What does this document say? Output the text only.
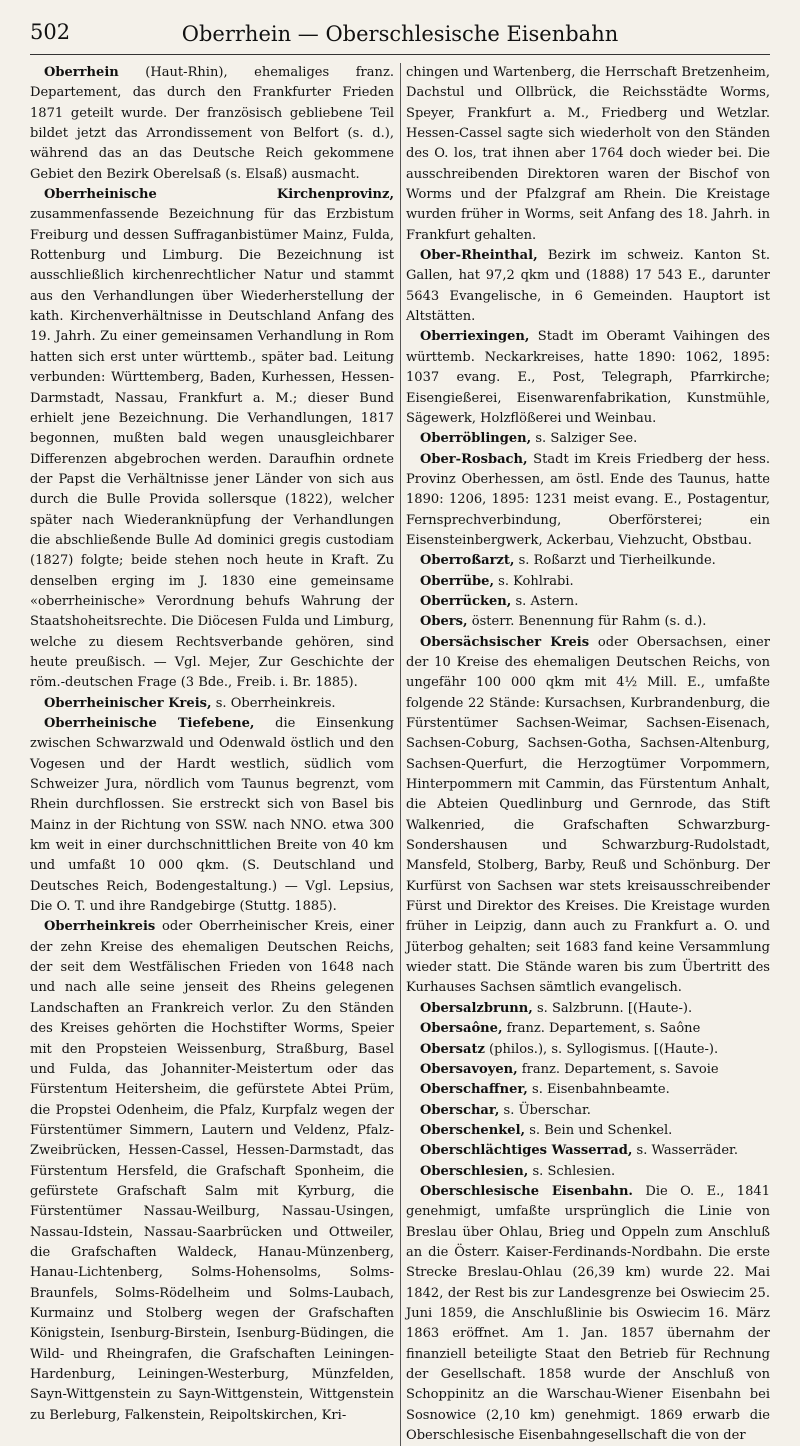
502	Oberrhein — Oberschlesische Eisenbahn

Oberrhein (Haut-Rhin), ehemaliges franz. Departement, das durch den Frankfurter Frieden 1871 geteilt wurde. Der französisch gebliebene Teil bildet jetzt das Arrondissement von Belfort (s. d.), während das an das Deutsche Reich gekommene Gebiet den Bezirk Oberelsaß (s. Elsaß) ausmacht.

Oberrheinische Kirchenprovinz, zusammenfassende Bezeichnung für das Erzbistum Freiburg und dessen Suffraganbistümer Mainz, Fulda, Rottenburg und Limburg. Die Bezeichnung ist ausschließlich kirchenrechtlicher Natur und stammt aus den Verhandlungen über Wiederherstellung der kath. Kirchenverhältnisse in Deutschland Anfang des 19. Jahrh. Zu einer gemeinsamen Verhandlung in Rom hatten sich erst unter württemb., später bad. Leitung verbunden: Württemberg, Baden, Kurhessen, Hessen-Darmstadt, Nassau, Frankfurt a. M.; dieser Bund erhielt jene Bezeichnung. Die Verhandlungen, 1817 begonnen, mußten bald wegen unausgleichbarer Differenzen abgebrochen werden. Daraufhin ordnete der Papst die Verhältnisse jener Länder von sich aus durch die Bulle Provida sollersque (1822), welcher später nach Wiederanknüpfung der Verhandlungen die abschließende Bulle Ad dominici gregis custodiam (1827) folgte; beide stehen noch heute in Kraft. Zu denselben erging im J. 1830 eine gemeinsame «oberrheinische» Verordnung behufs Wahrung der Staatshoheitsrechte. Die Diöcesen Fulda und Limburg, welche zu diesem Rechtsverbande gehören, sind heute preußisch. — Vgl. Mejer, Zur Geschichte der röm.-deutschen Frage (3 Bde., Freib. i. Br. 1885).

Oberrheinischer Kreis, s. Oberrheinkreis.

Oberrheinische Tiefebene, die Einsenkung zwischen Schwarzwald und Odenwald östlich und den Vogesen und der Hardt westlich, südlich vom Schweizer Jura, nördlich vom Taunus begrenzt, vom Rhein durchflossen. Sie erstreckt sich von Basel bis Mainz in der Richtung von SSW. nach NNO. etwa 300 km weit in einer durchschnittlichen Breite von 40 km und umfaßt 10 000 qkm. (S. Deutschland und Deutsches Reich, Bodengestaltung.) — Vgl. Lepsius, Die O. T. und ihre Randgebirge (Stuttg. 1885).

Oberrheinkreis oder Oberrheinischer Kreis, einer der zehn Kreise des ehemaligen Deutschen Reichs, der seit dem Westfälischen Frieden von 1648 nach und nach alle seine jenseit des Rheins gelegenen Landschaften an Frankreich verlor. Zu den Ständen des Kreises gehörten die Hochstifter Worms, Speier mit den Propsteien Weissenburg, Straßburg, Basel und Fulda, das Johanniter-Meistertum oder das Fürstentum Heitersheim, die gefürstete Abtei Prüm, die Propstei Odenheim, die Pfalz, Kurpfalz wegen der Fürstentümer Simmern, Lautern und Veldenz, Pfalz-Zweibrücken, Hessen-Cassel, Hessen-Darmstadt, das Fürstentum Hersfeld, die Grafschaft Sponheim, die gefürstete Grafschaft Salm mit Kyrburg, die Fürstentümer Nassau-Weilburg, Nassau-Usingen, Nassau-Idstein, Nassau-Saarbrücken und Ottweiler, die Grafschaften Waldeck, Hanau-Münzenberg, Hanau-Lichtenberg, Solms-Hohensolms, Solms-Braunfels, Solms-Rödelheim und Solms-Laubach, Kurmainz und Stolberg wegen der Grafschaften Königstein, Isenburg-Birstein, Isenburg-Büdingen, die Wild- und Rheingrafen, die Grafschaften Leiningen-Hardenburg, Leiningen-Westerburg, Münzfelden, Sayn-Wittgenstein zu Sayn-Wittgenstein, Wittgenstein zu Berleburg, Falkenstein, Reipoltskirchen, Kri-

chingen und Wartenberg, die Herrschaft Bretzenheim, Dachstul und Ollbrück, die Reichsstädte Worms, Speyer, Frankfurt a. M., Friedberg und Wetzlar. Hessen-Cassel sagte sich wiederholt von den Ständen des O. los, trat ihnen aber 1764 doch wieder bei. Die ausschreibenden Direktoren waren der Bischof von Worms und der Pfalzgraf am Rhein. Die Kreistage wurden früher in Worms, seit Anfang des 18. Jahrh. in Frankfurt gehalten.

Ober-Rheinthal, Bezirk im schweiz. Kanton St. Gallen, hat 97,2 qkm und (1888) 17 543 E., darunter 5643 Evangelische, in 6 Gemeinden. Hauptort ist Altstätten.

Oberriexingen, Stadt im Oberamt Vaihingen des württemb. Neckarkreises, hatte 1890: 1062, 1895: 1037 evang. E., Post, Telegraph, Pfarrkirche; Eisengießerei, Eisenwarenfabrikation, Kunstmühle, Sägewerk, Holzflößerei und Weinbau.

Oberröblingen, s. Salziger See.

Ober-Rosbach, Stadt im Kreis Friedberg der hess. Provinz Oberhessen, am östl. Ende des Taunus, hatte 1890: 1206, 1895: 1231 meist evang. E., Postagentur, Fernsprechverbindung, Oberförsterei; ein Eisensteinbergwerk, Ackerbau, Viehzucht, Obstbau.

Oberroßarzt, s. Roßarzt und Tierheilkunde.

Oberrübe, s. Kohlrabi.

Oberrücken, s. Astern.

Obers, österr. Benennung für Rahm (s. d.).

Obersächsischer Kreis oder Obersachsen, einer der 10 Kreise des ehemaligen Deutschen Reichs, von ungefähr 100 000 qkm mit 4½ Mill. E., umfaßte folgende 22 Stände: Kursachsen, Kurbrandenburg, die Fürstentümer Sachsen-Weimar, Sachsen-Eisenach, Sachsen-Coburg, Sachsen-Gotha, Sachsen-Altenburg, Sachsen-Querfurt, die Herzogtümer Vorpommern, Hinterpommern mit Cammin, das Fürstentum Anhalt, die Abteien Quedlinburg und Gernrode, das Stift Walkenried, die Grafschaften Schwarzburg-Sondershausen und Schwarzburg-Rudolstadt, Mansfeld, Stolberg, Barby, Reuß und Schönburg. Der Kurfürst von Sachsen war stets kreisausschreibender Fürst und Direktor des Kreises. Die Kreistage wurden früher in Leipzig, dann auch zu Frankfurt a. O. und Jüterbog gehalten; seit 1683 fand keine Versammlung wieder statt. Die Stände waren bis zum Übertritt des Kurhauses Sachsen sämtlich evangelisch.

Obersalzbrunn, s. Salzbrunn. [(Haute-).

Obersaône, franz. Departement, s. Saône

Obersatz (philos.), s. Syllogismus. [(Haute-).

Obersavoyen, franz. Departement, s. Savoie

Oberschaffner, s. Eisenbahnbeamte.

Oberschar, s. Überschar.

Oberschenkel, s. Bein und Schenkel.

Oberschlächtiges Wasserrad, s. Wasserräder.

Oberschlesien, s. Schlesien.

Oberschlesische Eisenbahn. Die O. E., 1841 genehmigt, umfaßte ursprünglich die Linie von Breslau über Ohlau, Brieg und Oppeln zum Anschluß an die Österr. Kaiser-Ferdinands-Nordbahn. Die erste Strecke Breslau-Ohlau (26,39 km) wurde 22. Mai 1842, der Rest bis zur Landesgrenze bei Oswiecim 25. Juni 1859, die Anschlußlinie bis Oswiecim 16. März 1863 eröffnet. Am 1. Jan. 1857 übernahm der finanziell beteiligte Staat den Betrieb für Rechnung der Gesellschaft. 1858 wurde der Anschluß von Schoppinitz an die Warschau-Wiener Eisenbahn bei Sosnowice (2,10 km) genehmigt. 1869 erwarb die Oberschlesische Eisenbahngesellschaft die von der
